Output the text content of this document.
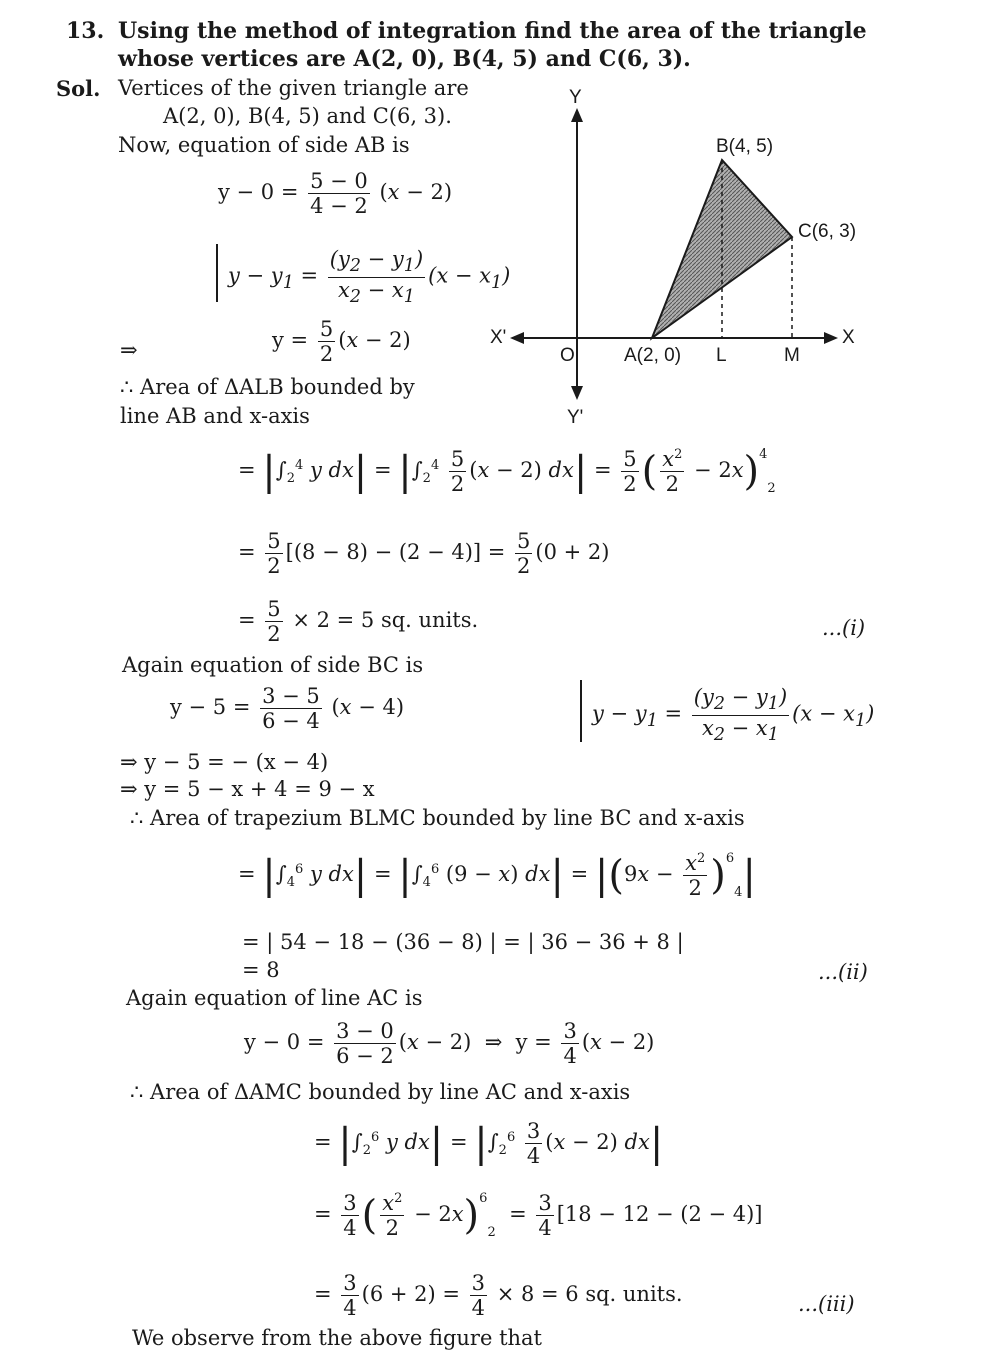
13. Using the method of integration find the area of the triangle
whose vertices are A(2, 0), B(4, 5) and C(6, 3).
Sol. Vertices of the given triangle are
A(2, 0), B(4, 5) and C(6, 3).
Now, equation of side AB is
$y - 0 = \frac{5 - 0}{4 - 2} (x - 2)$
$y - y_1 = \frac{(y_2 - y_1)}{x_2 - x_1} (x - x_1)$
⇒	$y = \frac{5}{2} (x - 2)$
∴ Area of ΔALB bounded by
line AB and x-axis
Y
Y'
X
X'
O	A(2, 0)
B(4, 5)
C(6, 3)
L	M
= $|\int_2^4$ y $dx| = |\int_2^4 \frac{5}{2} (x - 2) dx| = \frac{5}{2}$ ( $\frac{x^2}{2} - 2x)^42$
= $\frac{5}{2} [(8 - 8) - (2 - 4)] = \frac{5}{2} (0 + 2)$
= $\frac{5}{2} \times 2 = 5$ sq. units.	...(i)
Again equation of side BC is
$y - 5 = \frac{3 - 5}{6 - 4} (x - 4)$	$y - y_1 = \frac{(y_2 - y_1)}{x_2 - x_1} (x - x_1)$
⇒ y − 5 = − (x − 4)
⇒ y = 5 − x + 4 = 9 − x
∴ Area of trapezium BLMC bounded by line BC and x-axis
= $|\int_4^6$ y $dx| = |\int_4^6$ (9 − x) $dx| = |(9x - \frac{x^2}{2} )^64|$
= | 54 − 18 − (36 − 8) | = | 36 − 36 + 8 |
= 8	...(ii)
Again equation of line AC is
$y - 0 = \frac{3 - 0}{6 - 2} (x - 2)$  ⇒  $y = \frac{3}{4} (x - 2)$
∴ Area of ΔAMC bounded by line AC and x-axis
= $|\int_2^6$ y $dx| = |\int_2^6 \frac{3}{4} (x - 2)$ dx|
= $\frac{3}{4}$ ( $\frac{x^2}{2} - 2x)^62 = \frac{3}{4} [18 - 12 - (2 - 4)]$
= $\frac{3}{4} (6 + 2) = \frac{3}{4} \times 8 = 6$ sq. units.	...(iii)
We observe from the above figure that
